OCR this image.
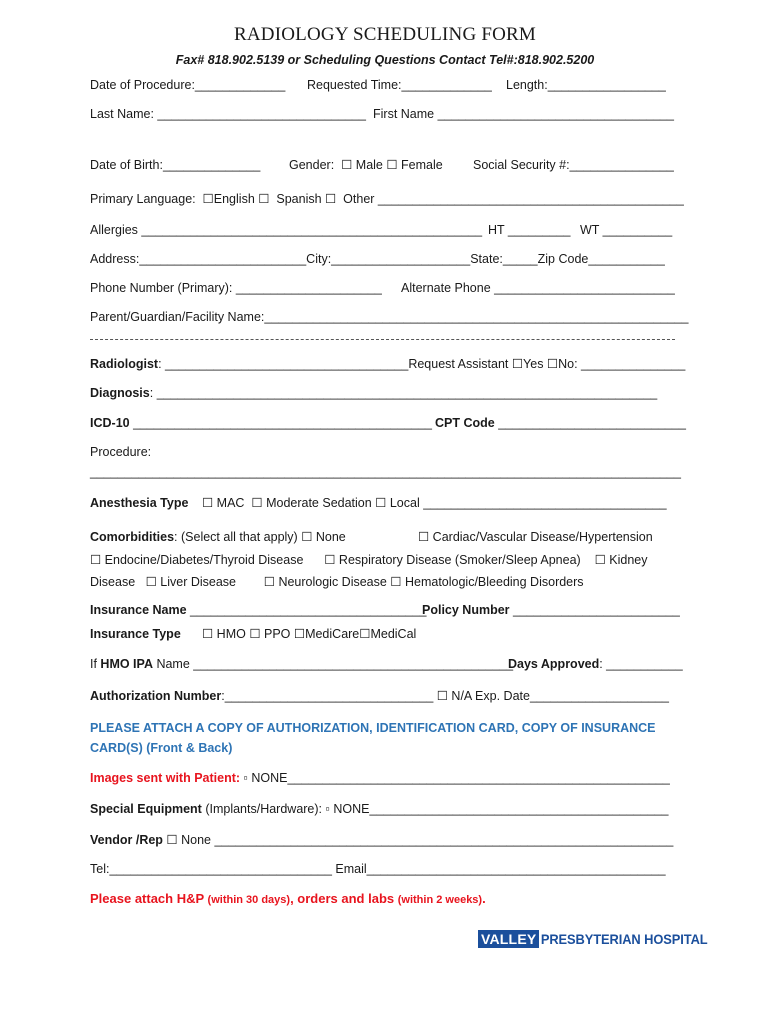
RADIOLOGY SCHEDULING FORM
Fax# 818.902.5139 or Scheduling Questions Contact Tel#:818.902.5200
Date of Procedure:_____________ Requested Time:_____________ Length:_________________
Last Name: ______________________________ First Name __________________________________
Date of Birth:______________ Gender:  ☐ Male ☐ Female Social Security #:_______________
Primary Language:  ☐English ☐  Spanish ☐  Other ____________________________________________
Allergies _________________________________________________ HT _________ WT __________
Address:________________________City:____________________State:_____Zip Code___________
Phone Number (Primary): _____________________ Alternate Phone __________________________
Parent/Guardian/Facility Name:_____________________________________________________________
Radiologist: ___________________________________Request Assistant ☐Yes ☐No: _______________
Diagnosis: ________________________________________________________________________
ICD-10 ___________________________________________ CPT Code ___________________________
Procedure:
_____________________________________________________________________________________
Anesthesia Type ☐ MAC  ☐ Moderate Sedation ☐ Local ___________________________________
Comorbidities: (Select all that apply) ☐ None	☐ Cardiac/Vascular Disease/Hypertension
☐ Endocine/Diabetes/Thyroid Disease      ☐ Respiratory Disease (Smoker/Sleep Apnea)    ☐ Kidney
Disease   ☐ Liver Disease        ☐ Neurologic Disease ☐ Hematologic/Bleeding Disorders
Insurance Name __________________________________
Policy Number ________________________
Insurance Type ☐ HMO ☐ PPO ☐MediCare☐MediCal
If HMO IPA Name ______________________________________________
Days Approved: ___________
Authorization Number:______________________________ ☐ N/A Exp. Date____________________
PLEASE ATTACH A COPY OF AUTHORIZATION, IDENTIFICATION CARD, COPY OF INSURANCE
CARD(S) (Front & Back)
Images sent with Patient: ▫ NONE_______________________________________________________
Special Equipment (Implants/Hardware): ▫ NONE___________________________________________
Vendor /Rep ☐ None __________________________________________________________________
Tel:________________________________ Email___________________________________________
Please attach H&P (within 30 days), orders and labs (within 2 weeks).
VALLEY PRESBYTERIAN HOSPITAL
